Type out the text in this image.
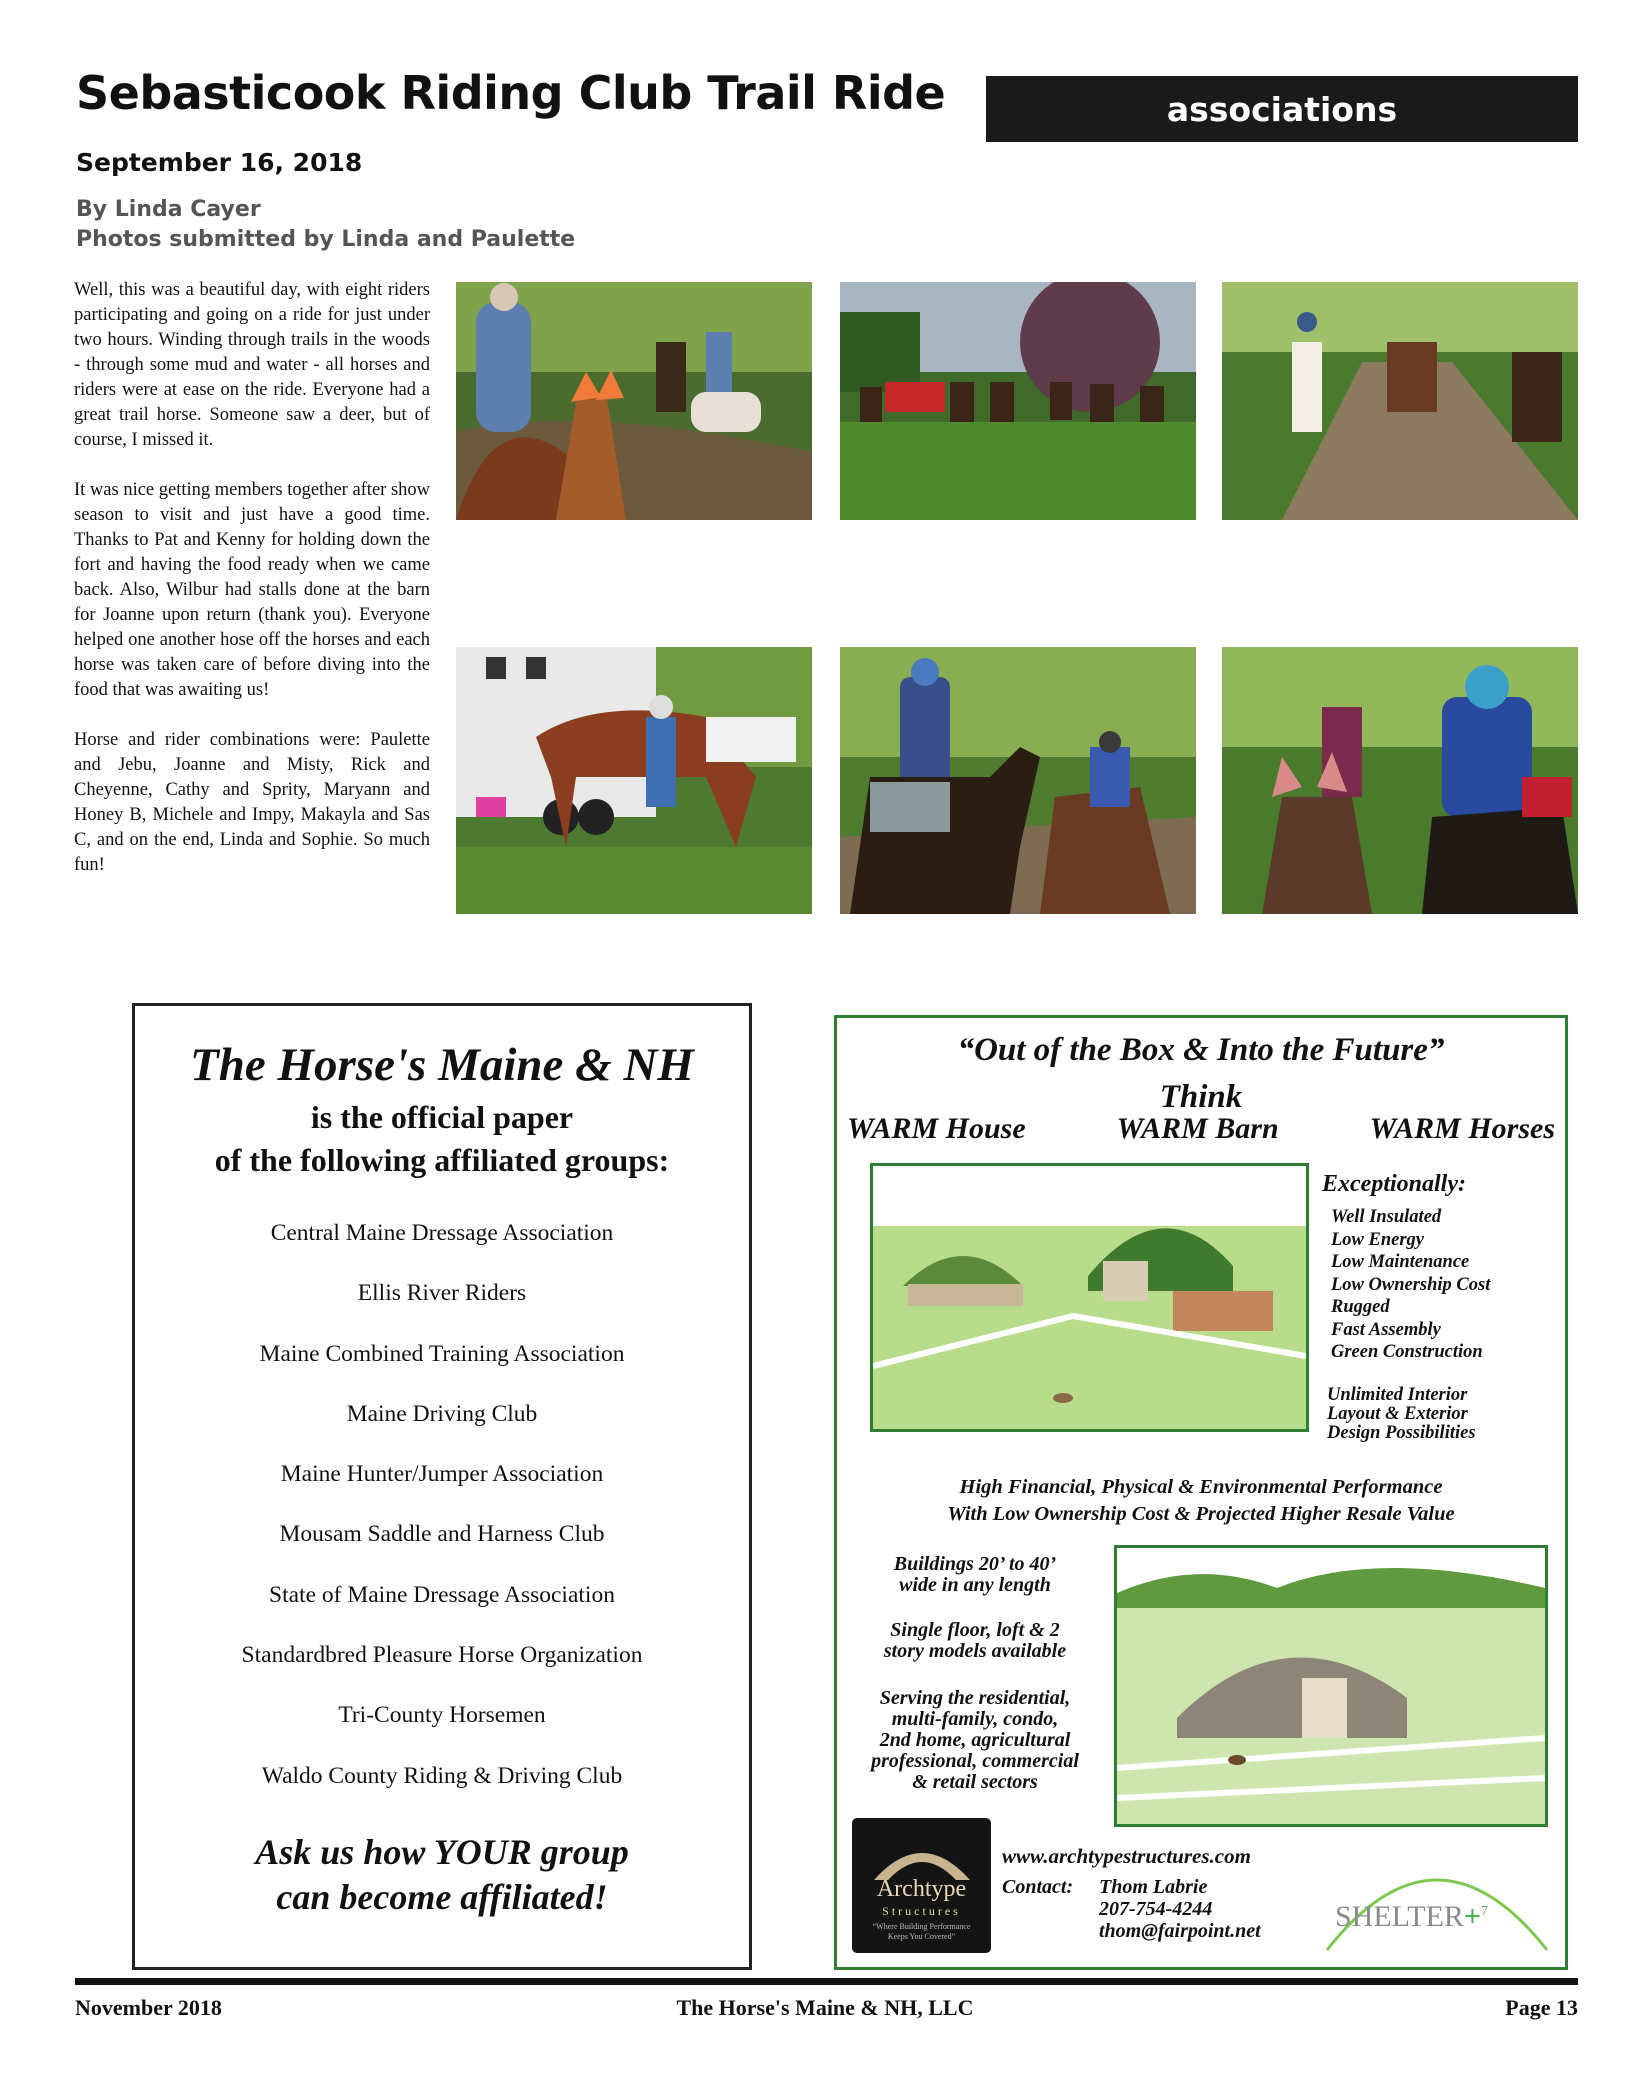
Sebasticook Riding Club Trail Ride	associations
September 16, 2018
By Linda Cayer
Photos submitted by Linda and Paulette

Well, this was a beautiful day, with eight riders participating and going on a ride for just under two hours. Winding through trails in the woods - through some mud and water - all horses and riders were at ease on the ride. Everyone had a great trail horse. Someone saw a deer, but of course, I missed it.

It was nice getting members together after show season to visit and just have a good time. Thanks to Pat and Kenny for holding down the fort and having the food ready when we came back. Also, Wilbur had stalls done at the barn for Joanne upon return (thank you). Everyone helped one another hose off the horses and each horse was taken care of before diving into the food that was awaiting us!

Horse and rider combinations were: Paulette and Jebu, Joanne and Misty, Rick and Cheyenne, Cathy and Sprity, Maryann and Honey B, Michele and Impy, Makayla and Sas C, and on the end, Linda and Sophie. So much fun!

The Horse's Maine & NH
is the official paper
of the following affiliated groups:
Central Maine Dressage Association
Ellis River Riders
Maine Combined Training Association
Maine Driving Club
Maine Hunter/Jumper Association
Mousam Saddle and Harness Club
State of Maine Dressage Association
Standardbred Pleasure Horse Organization
Tri-County Horsemen
Waldo County Riding & Driving Club
Ask us how YOUR group
can become affiliated!
“Out of the Box & Into the Future”
Think
WARM House	WARM Barn	WARM Horses
Exceptionally:
Well Insulated
Low Energy
Low Maintenance
Low Ownership Cost
Rugged
Fast Assembly
Green Construction
Unlimited Interior
Layout & Exterior
Design Possibilities
High Financial, Physical & Environmental Performance
With Low Ownership Cost & Projected Higher Resale Value
Buildings 20’ to 40’
wide in any length
Single floor, loft & 2
story models available
Serving the residential,
multi-family, condo,
2nd home, agricultural
professional, commercial
& retail sectors
Archtype
Structures
“Where Building Performance
Keeps You Covered”
www.archtypestructures.com
Contact: Thom Labrie
207-754-4244
thom@fairpoint.net SHELTER+$^7$
November 2018	The Horse's Maine & NH, LLC	Page 13
